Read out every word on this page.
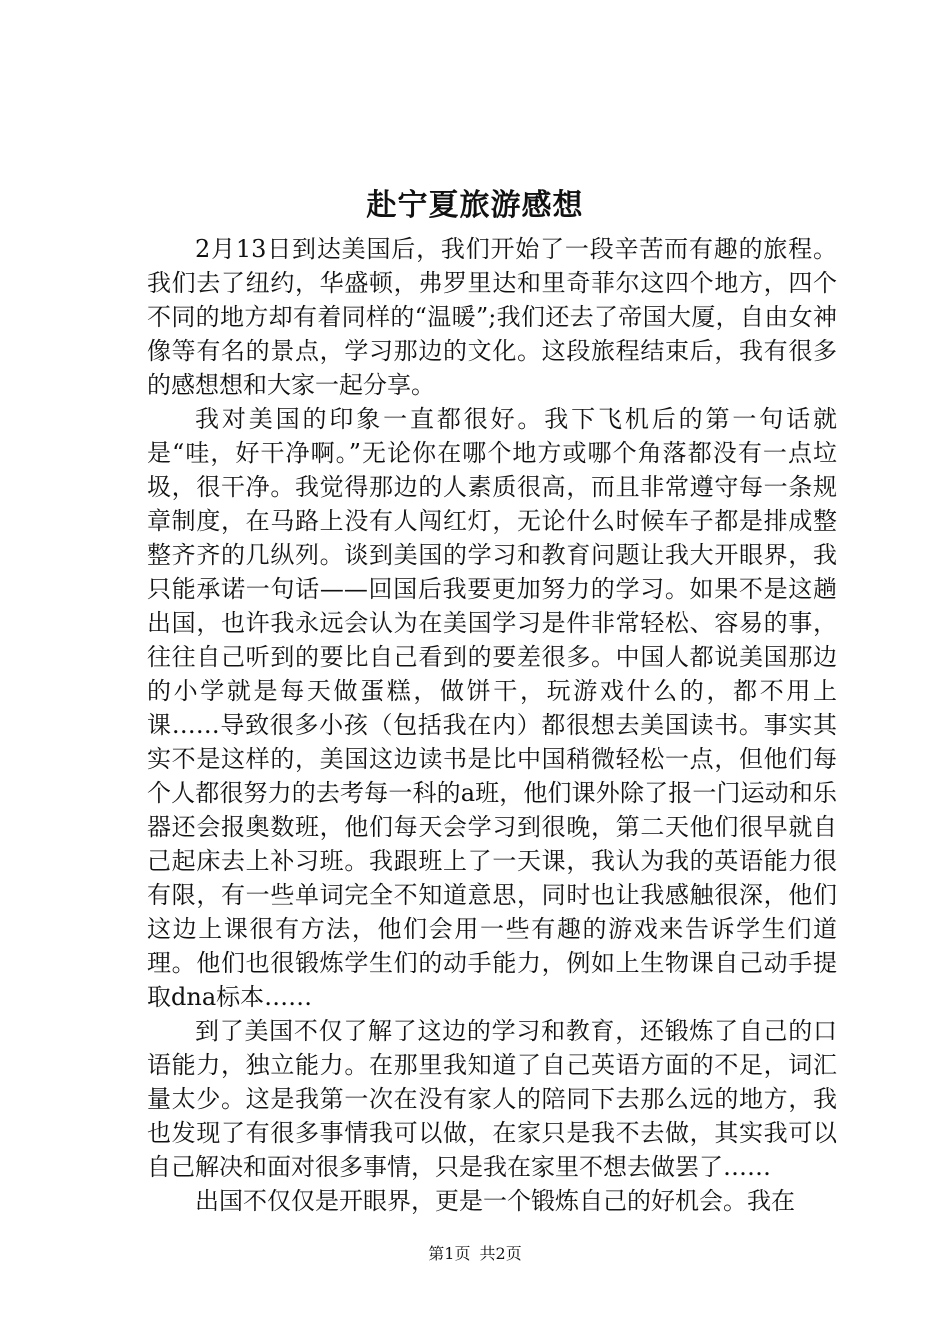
赴宁夏旅游感想

2月13日到达美国后，我们开始了一段辛苦而有趣的旅程。我们去了纽约，华盛顿，弗罗里达和里奇菲尔这四个地方，四个不同的地方却有着同样的“温暖”;我们还去了帝国大厦，自由女神像等有名的景点，学习那边的文化。这段旅程结束后，我有很多的感想想和大家一起分享。

我对美国的印象一直都很好。我下飞机后的第一句话就是“哇，好干净啊。”无论你在哪个地方或哪个角落都没有一点垃圾，很干净。我觉得那边的人素质很高，而且非常遵守每一条规章制度，在马路上没有人闯红灯，无论什么时候车子都是排成整整齐齐的几纵列。谈到美国的学习和教育问题让我大开眼界，我只能承诺一句话——回国后我要更加努力的学习。如果不是这趟出国，也许我永远会认为在美国学习是件非常轻松、容易的事，往往自己听到的要比自己看到的要差很多。中国人都说美国那边的小学就是每天做蛋糕，做饼干，玩游戏什么的，都不用上课……导致很多小孩（包括我在内）都很想去美国读书。事实其实不是这样的，美国这边读书是比中国稍微轻松一点，但他们每个人都很努力的去考每一科的a班，他们课外除了报一门运动和乐器还会报奥数班，他们每天会学习到很晚，第二天他们很早就自己起床去上补习班。我跟班上了一天课，我认为我的英语能力很有限，有一些单词完全不知道意思，同时也让我感触很深，他们这边上课很有方法，他们会用一些有趣的游戏来告诉学生们道理。他们也很锻炼学生们的动手能力，例如上生物课自己动手提取dna标本……

到了美国不仅了解了这边的学习和教育，还锻炼了自己的口语能力，独立能力。在那里我知道了自己英语方面的不足，词汇量太少。这是我第一次在没有家人的陪同下去那么远的地方，我也发现了有很多事情我可以做，在家只是我不去做，其实我可以自己解决和面对很多事情，只是我在家里不想去做罢了……

出国不仅仅是开眼界，更是一个锻炼自己的好机会。我在

第1页 共2页
